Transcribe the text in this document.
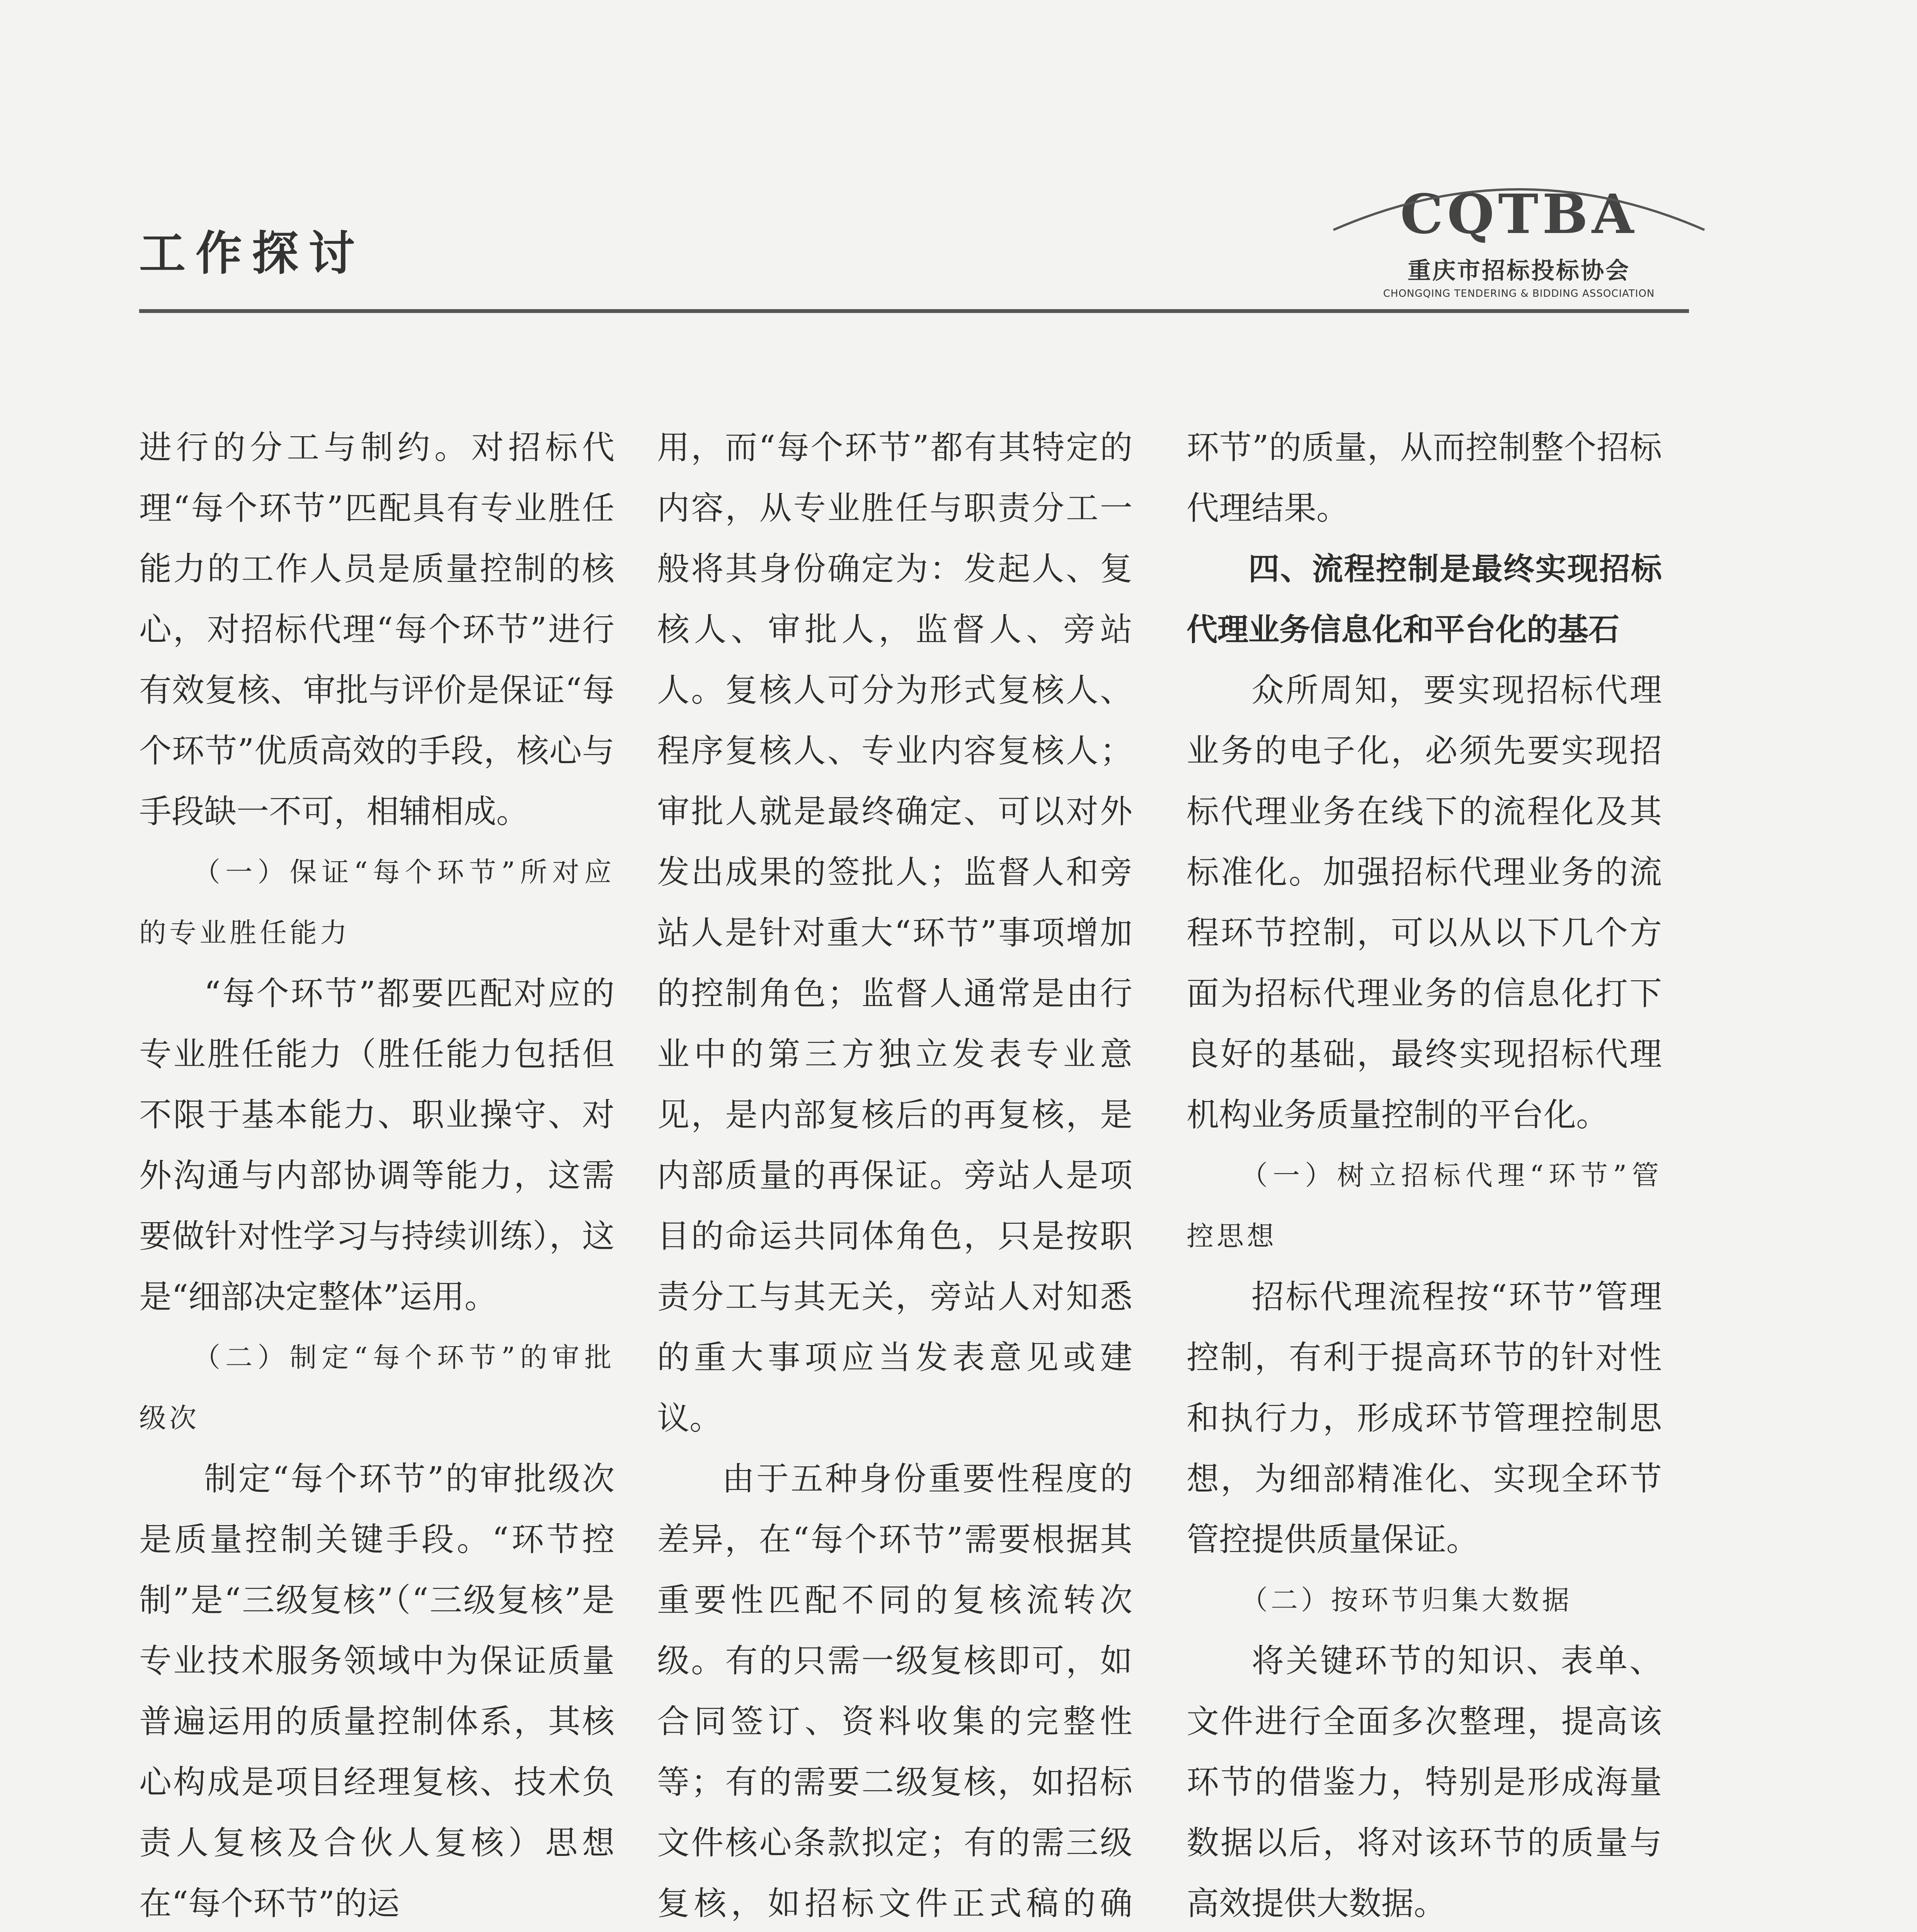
工作探讨
CQTBA
重庆市招标投标协会
CHONGQING TENDERING & BIDDING ASSOCIATION

进行的分工与制约。对招标代理“每个环节”匹配具有专业胜任能力的工作人员是质量控制的核心，对招标代理“每个环节”进行有效复核、审批与评价是保证“每个环节”优质高效的手段，核心与手段缺一不可，相辅相成。

（一）保证“每个环节”所对应的专业胜任能力

“每个环节”都要匹配对应的专业胜任能力（胜任能力包括但不限于基本能力、职业操守、对外沟通与内部协调等能力，这需要做针对性学习与持续训练），这是“细部决定整体”运用。

（二）制定“每个环节”的审批级次

制定“每个环节”的审批级次是质量控制关键手段。“环节控制”是“三级复核”（“三级复核”是专业技术服务领域中为保证质量普遍运用的质量控制体系，其核心构成是项目经理复核、技术负责人复核及合伙人复核）思想在“每个环节”的运

用，而“每个环节”都有其特定的内容，从专业胜任与职责分工一般将其身份确定为：发起人、复核人、审批人，监督人、旁站人。复核人可分为形式复核人、程序复核人、专业内容复核人；审批人就是最终确定、可以对外发出成果的签批人；监督人和旁站人是针对重大“环节”事项增加的控制角色；监督人通常是由行业中的第三方独立发表专业意见，是内部复核后的再复核，是内部质量的再保证。旁站人是项目的命运共同体角色，只是按职责分工与其无关，旁站人对知悉的重大事项应当发表意见或建议。

由于五种身份重要性程度的差异，在“每个环节”需要根据其重要性匹配不同的复核流转次级。有的只需一级复核即可，如合同签订、资料收集的完整性等；有的需要二级复核，如招标文件核心条款拟定；有的需三级复核，如招标文件正式稿的确

环节”的质量，从而控制整个招标代理结果。

四、流程控制是最终实现招标代理业务信息化和平台化的基石

众所周知，要实现招标代理业务的电子化，必须先要实现招标代理业务在线下的流程化及其标准化。加强招标代理业务的流程环节控制，可以从以下几个方面为招标代理业务的信息化打下良好的基础，最终实现招标代理机构业务质量控制的平台化。

（一）树立招标代理“环节”管控思想

招标代理流程按“环节”管理控制，有利于提高环节的针对性和执行力，形成环节管理控制思想，为细部精准化、实现全环节管控提供质量保证。

（二）按环节归集大数据

将关键环节的知识、表单、文件进行全面多次整理，提高该环节的借鉴力，特别是形成海量数据以后，将对该环节的质量与高效提供大数据。
